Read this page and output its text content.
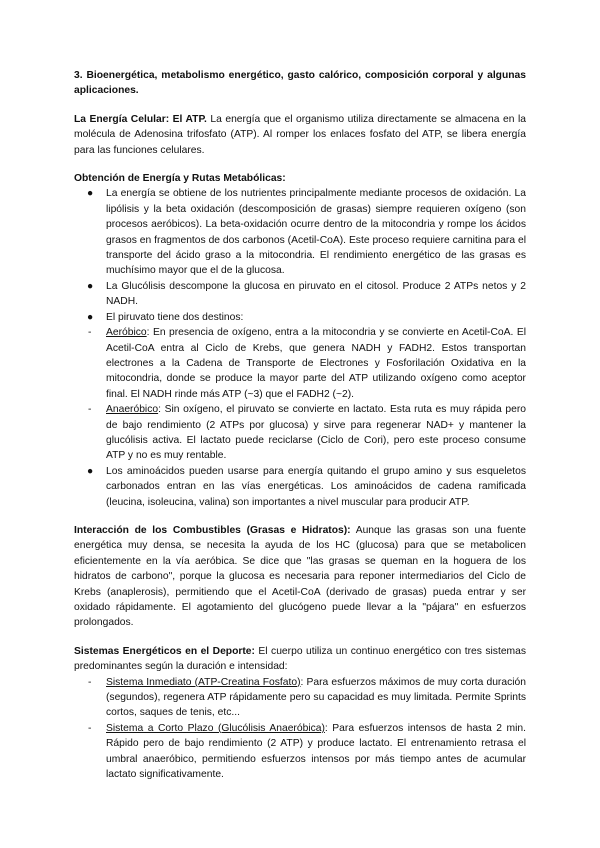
3. Bioenergética, metabolismo energético, gasto calórico, composición corporal y algunas aplicaciones.

La Energía Celular: El ATP. La energía que el organismo utiliza directamente se almacena en la molécula de Adenosina trifosfato (ATP). Al romper los enlaces fosfato del ATP, se libera energía para las funciones celulares.

Obtención de Energía y Rutas Metabólicas:

● La energía se obtiene de los nutrientes principalmente mediante procesos de oxidación. La lipólisis y la beta oxidación (descomposición de grasas) siempre requieren oxígeno (son procesos aeróbicos). La beta-oxidación ocurre dentro de la mitocondria y rompe los ácidos grasos en fragmentos de dos carbonos (Acetil-CoA). Este proceso requiere carnitina para el transporte del ácido graso a la mitocondria. El rendimiento energético de las grasas es muchísimo mayor que el de la glucosa.
● La Glucólisis descompone la glucosa en piruvato en el citosol. Produce 2 ATPs netos y 2 NADH.
● El piruvato tiene dos destinos:
- Aeróbico: En presencia de oxígeno, entra a la mitocondria y se convierte en Acetil-CoA. El Acetil-CoA entra al Ciclo de Krebs, que genera NADH y FADH2. Estos transportan electrones a la Cadena de Transporte de Electrones y Fosforilación Oxidativa en la mitocondria, donde se produce la mayor parte del ATP utilizando oxígeno como aceptor final. El NADH rinde más ATP (~3) que el FADH2 (~2).
- Anaeróbico: Sin oxígeno, el piruvato se convierte en lactato. Esta ruta es muy rápida pero de bajo rendimiento (2 ATPs por glucosa) y sirve para regenerar NAD+ y mantener la glucólisis activa. El lactato puede reciclarse (Ciclo de Cori), pero este proceso consume ATP y no es muy rentable.
● Los aminoácidos pueden usarse para energía quitando el grupo amino y sus esqueletos carbonados entran en las vías energéticas. Los aminoácidos de cadena ramificada (leucina, isoleucina, valina) son importantes a nivel muscular para producir ATP.

Interacción de los Combustibles (Grasas e Hidratos): Aunque las grasas son una fuente energética muy densa, se necesita la ayuda de los HC (glucosa) para que se metabolicen eficientemente en la vía aeróbica. Se dice que "las grasas se queman en la hoguera de los hidratos de carbono", porque la glucosa es necesaria para reponer intermediarios del Ciclo de Krebs (anaplerosis), permitiendo que el Acetil-CoA (derivado de grasas) pueda entrar y ser oxidado rápidamente. El agotamiento del glucógeno puede llevar a la "pájara" en esfuerzos prolongados.

Sistemas Energéticos en el Deporte: El cuerpo utiliza un continuo energético con tres sistemas predominantes según la duración e intensidad:

- Sistema Inmediato (ATP-Creatina Fosfato): Para esfuerzos máximos de muy corta duración (segundos), regenera ATP rápidamente pero su capacidad es muy limitada. Permite Sprints cortos, saques de tenis, etc...
- Sistema a Corto Plazo (Glucólisis Anaeróbica): Para esfuerzos intensos de hasta 2 min. Rápido pero de bajo rendimiento (2 ATP) y produce lactato. El entrenamiento retrasa el umbral anaeróbico, permitiendo esfuerzos intensos por más tiempo antes de acumular lactato significativamente.
